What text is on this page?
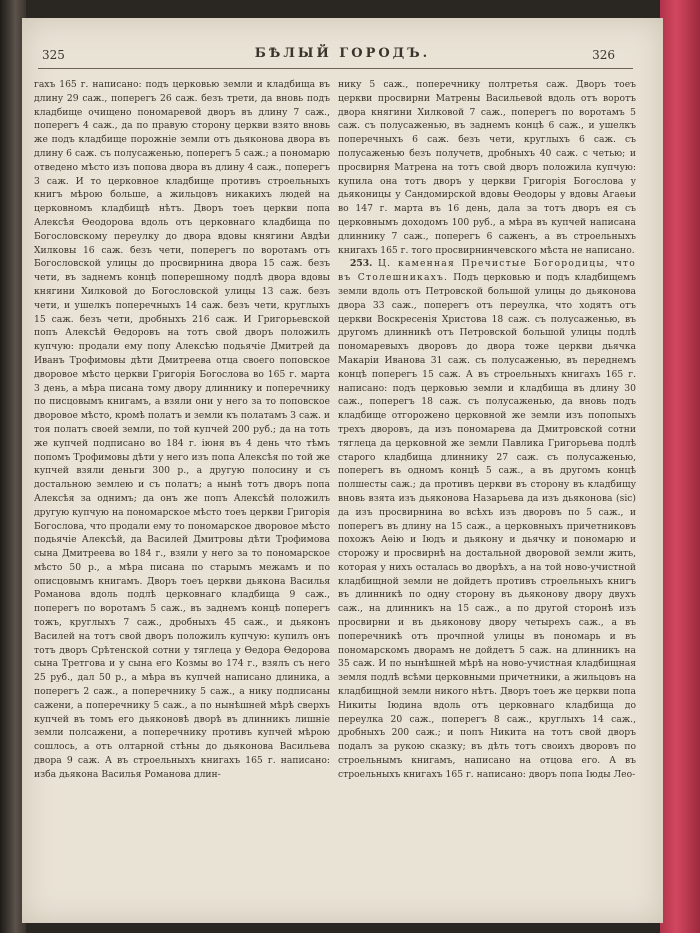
325	БѢЛЫЙ ГОРОДЪ.	326

гахъ 165 г. написано: подъ церковью земли и кладбища въ длину 29 саж., поперегъ 26 саж. безъ трети, да вновь подъ кладбище очищено пономаревой дворъ въ длину 7 саж., поперегъ 4 саж., да по правую сторону церкви взято вновь же подъ кладбище порожніе земли отъ дьяконова двора въ длину 6 саж. съ полусаженью, поперегъ 5 саж.; а пономарю отведено мѣсто изъ попова двора въ длину 4 саж., поперегъ 3 саж. И то церковное кладбище противъ строельныхъ книгъ мѣрою больше, а жильцовъ никакихъ людей на церковномъ кладбищѣ нѣтъ. Дворъ тоеъ церкви попа Алексѣя Ѳеодорова вдоль отъ церковнаго кладбища по Богословскому переулку до двора вдовы княгини Авдѣи Хилковы 16 саж. безъ чети, поперегъ по воротамъ отъ Богословской улицы до просвирнина двора 15 саж. безъ чети, въ заднемъ концѣ поперешному подлѣ двора вдовы княгини Хилковой до Богословской улицы 13 саж. безъ чети, и ушелкъ поперечныхъ 14 саж. безъ чети, круглыхъ 15 саж. безъ чети, дробныхъ 216 саж. И Григорьевской попъ Алексѣй Ѳедоровъ на тотъ свой дворъ положилъ купчую: продали ему попу Алексѣю подьячіе Дмитрей да Иванъ Трофимовы дѣти Дмитреева отца своего поповское дворовое мѣсто церкви Григорія Богослова во 165 г. марта 3 день, а мѣра писана тому двору длиннику и поперечнику по писцовымъ книгамъ, а взяли они у него за то поповское дворовое мѣсто, кромѣ полатъ и земли къ полатамъ 3 саж. и тоя полатъ своей земли, по той купчей 200 руб.; да на тоть же купчей подписано во 184 г. іюня въ 4 день что тѣмъ попомъ Трофимовы дѣти у него изъ попа Алексѣя по той же купчей взяли деньги 300 р., а другую полосину и съ достальною землею и съ полатъ; а нынѣ тотъ дворъ попа Алексѣя за однимъ; да онъ же попъ Алексѣй положилъ другую купчую на пономарское мѣсто тоеъ церкви Григорія Богослова, что продали ему то пономарское дворовое мѣсто подьячіе Алексѣй, да Василей Дмитровы дѣти Трофимова сына Дмитреева во 184 г., взяли у него за то пономарское мѣсто 50 р., а мѣра писана по старымъ межамъ и по описцовымъ книгамъ. Дворъ тоеъ церкви дьякона Василья Романова вдоль подлѣ церковнаго кладбища 9 саж., поперегъ по воротамъ 5 саж., въ заднемъ концѣ поперегъ тожъ, круглыхъ 7 саж., дробныхъ 45 саж., и дьяконъ Василей на тотъ свой дворъ положилъ купчую: купилъ онъ тотъ дворъ Срѣтенской сотни у тяглеца у Ѳедора Ѳедорова сына Третгова и у сына его Козмы во 174 г., взялъ съ него 25 руб., дал 50 р., а мѣра въ купчей написано длиника, а поперегъ 2 саж., а поперечнику 5 саж., а нику подписаны сажени, а поперечнику 5 саж., а по нынѣшней мѣрѣ сверхъ купчей въ томъ его дьяконовѣ дворѣ въ длинникъ лишніе земли полсажени, а поперечнику противъ купчей мѣрою сошлось, а отъ олтарной стѣны до дьяконова Васильева двора 9 саж. А въ строельныхъ книгахъ 165 г. написано: изба дьякона Василья Романова длин-

нику 5 саж., поперечнику полтретья саж. Дворъ тоеъ церкви просвирни Матрены Васильевой вдоль отъ воротъ двора княгини Хилковой 7 саж., поперегъ по воротамъ 5 саж. съ полусаженью, въ заднемъ концѣ 6 саж., и ушелкъ поперечныхъ 6 саж. безъ чети, круглыхъ 6 саж. съ полусаженью безъ получетв, дробныхъ 40 саж. с четью; и просвирня Матрена на тотъ свой дворъ положила купчую: купила она тотъ дворъ у церкви Григорія Богослова у дьяконицы у Сандомирской вдовы Ѳеодоры у вдовы Агаѳьи во 147 г. марта въ 16 день, дала за тотъ дворъ ея съ церковнымъ доходомъ 100 руб., а мѣра въ купчей написана длиннику 7 саж., поперегъ 6 саженъ, а въ строельныхъ книгахъ 165 г. того просвирнинчевского мѣста не написано.

253. Ц. каменная Пречистые Богородицы, что въ Столешникахъ. Подъ церковью и подъ кладбищемъ земли вдоль отъ Петровской большой улицы до дьяконова двора 33 саж., поперегъ отъ переулка, что ходятъ отъ церкви Воскресенія Христова 18 саж. съ полусаженью, въ другомъ длинникѣ отъ Петровской большой улицы подлѣ пономаревыхъ дворовъ до двора тоже церкви дьячка Макаріи Иванова 31 саж. съ полусаженью, въ переднемъ концѣ поперегъ 15 саж. А въ строельныхъ книгахъ 165 г. написано: подъ церковью земли и кладбища въ длину 30 саж., поперегъ 18 саж. съ полусаженью, да вновь подъ кладбище отгорожено церковной же земли изъ попопыхъ трехъ дворовъ, да изъ пономарева да Дмитровской сотни тяглеца да церковной же земли Павлика Григорьева подлѣ старого кладбища длиннику 27 саж. съ полусаженью, поперегъ въ одномъ концѣ 5 саж., а въ другомъ концѣ полшесты саж.; да противъ церкви въ сторону въ кладбищу вновь взята изъ дьяконова Назарьева да изъ дьяконова (sic) да изъ просвирнина во всѣхъ изъ дворовъ по 5 саж., и поперегъ въ длину на 15 саж., а церковныхъ причетниковъ похожъ Аѳію и Іюдъ и дьякону и дьячку и пономарю и сторожу и просвирнѣ на достальной дворовой земли жить, которая у нихъ осталась во дворѣхъ, а на той ново-учистной кладбищной земли не дойдетъ противъ строельныхъ книгъ въ длинникѣ по одну сторону въ дьяконову двору двухъ саж., на длинникъ на 15 саж., а по другой сторонѣ изъ просвирни и въ дьяконову двору четырехъ саж., а въ поперечникѣ отъ прочпной улицы въ пономарь и въ пономарскомъ дворамъ не дойдетъ 5 саж. на длинникъ на 35 саж. И по нынѣшней мѣрѣ на ново-учистная кладбищная земля подлѣ всѣми церковными причетники, а жильцовъ на кладбищной земли никого нѣтъ. Дворъ тоеъ же церкви попа Никиты Іюдина вдоль отъ церковнаго кладбища до переулка 20 саж., поперегъ 8 саж., круглыхъ 14 саж., дробныхъ 200 саж.; и попъ Никита на тотъ свой дворъ подалъ за рукою сказку; въ дѣть тотъ своихъ дворовъ по строельнымъ книгамъ, написано на отцова его. А въ строельныхъ книгахъ 165 г. написано: дворъ попа Іюды Лео-
